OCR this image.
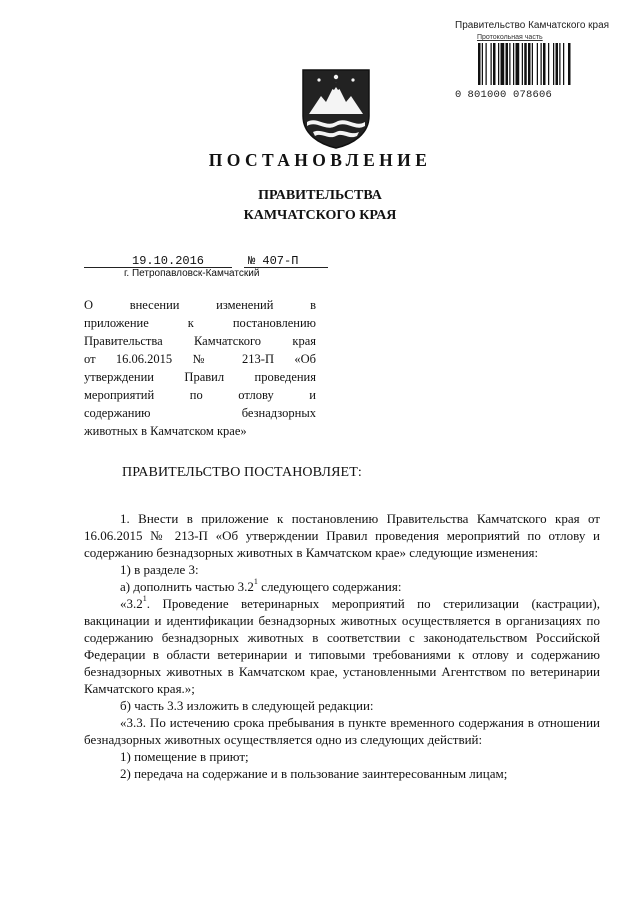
Правительство Камчатского края
Протокольная часть
0 801000 078606
ПОСТАНОВЛЕНИЕ
ПРАВИТЕЛЬСТВА
КАМЧАТСКОГО КРАЯ
19.10.2016	№ 407-П
г. Петропавловск-Камчатский
О внесении изменений в
приложение к постановлению
Правительства Камчатского края
от 16.06.2015 № 213-П «Об
утверждении Правил проведения
мероприятий по отлову и
содержанию безнадзорных
животных в Камчатском крае»
ПРАВИТЕЛЬСТВО ПОСТАНОВЛЯЕТ:

1. Внести в приложение к постановлению Правительства Камчатского края от 16.06.2015 № 213-П «Об утверждении Правил проведения мероприятий по отлову и содержанию безнадзорных животных в Камчатском крае» следующие изменения:

1) в разделе 3:

а) дополнить частью $3.2^1$ следующего содержания:

«$3.2^1$. Проведение ветеринарных мероприятий по стерилизации (кастрации), вакцинации и идентификации безнадзорных животных осуществляется в организациях по содержанию безнадзорных животных в соответствии с законодательством Российской Федерации в области ветеринарии и типовыми требованиями к отлову и содержанию безнадзорных животных в Камчатском крае, установленными Агентством по ветеринарии Камчатского края.»;

б) часть 3.3 изложить в следующей редакции:

«3.3. По истечению срока пребывания в пункте временного содержания в отношении безнадзорных животных осуществляется одно из следующих действий:

1) помещение в приют;

2) передача на содержание и в пользование заинтересованным лицам;
